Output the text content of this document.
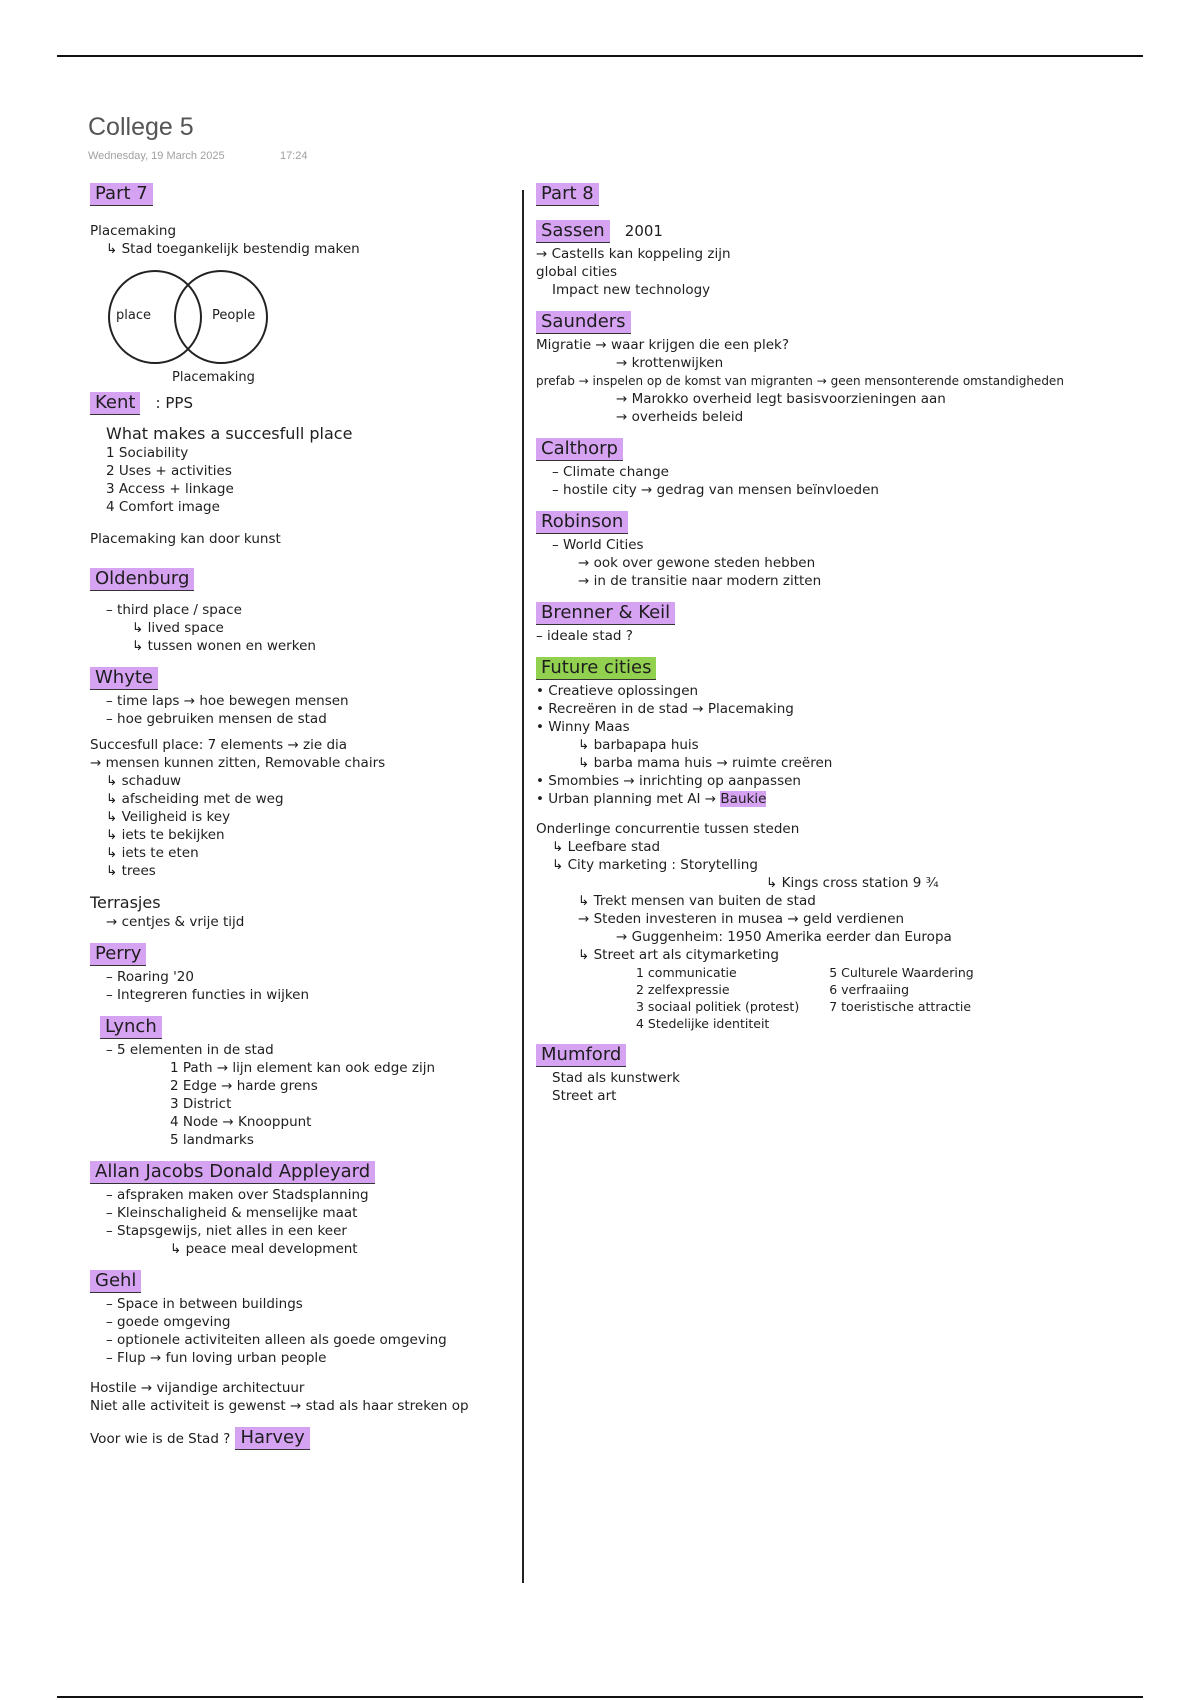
College 5
Wednesday, 19 March 2025	17:24
Part 7
Placemaking
↳ Stad toegankelijk bestendig maken
place	People
Placemaking
Kent : PPS
What makes a succesfull place
1 Sociability
2 Uses + activities
3 Access + linkage
4 Comfort image
Placemaking kan door kunst
Oldenburg
– third place / space
↳ lived space
↳ tussen wonen en werken
Whyte
– time laps → hoe bewegen mensen
– hoe gebruiken mensen de stad
Succesfull place: 7 elements → zie dia
→ mensen kunnen zitten, Removable chairs
↳ schaduw
↳ afscheiding met de weg
↳ Veiligheid is key
↳ iets te bekijken
↳ iets te eten
↳ trees
Terrasjes
→ centjes & vrije tijd
Perry
– Roaring '20
– Integreren functies in wijken
Lynch
– 5 elementen in de stad
1 Path → lijn element kan ook edge zijn
2 Edge → harde grens
3 District
4 Node → Knooppunt
5 landmarks
Allan Jacobs Donald Appleyard
– afspraken maken over Stadsplanning
– Kleinschaligheid & menselijke maat
– Stapsgewijs, niet alles in een keer
↳ peace meal development
Gehl
– Space in between buildings
– goede omgeving
– optionele activiteiten alleen als goede omgeving
– Flup → fun loving urban people
Hostile → vijandige architectuur
Niet alle activiteit is gewenst → stad als haar streken op
Voor wie is de Stad ? Harvey
Part 8
Sassen 2001
→ Castells kan koppeling zijn
global cities
Impact new technology
Saunders
Migratie → waar krijgen die een plek?
→ krottenwijken
prefab → inspelen op de komst van migranten → geen mensonterende omstandigheden
→ Marokko overheid legt basisvoorzieningen aan
→ overheids beleid
Calthorp
– Climate change
– hostile city → gedrag van mensen beïnvloeden
Robinson
– World Cities
→ ook over gewone steden hebben
→ in de transitie naar modern zitten
Brenner & Keil
– ideale stad ?
Future cities
• Creatieve oplossingen
• Recreëren in de stad → Placemaking
• Winny Maas
↳ barbapapa huis
↳ barba mama huis → ruimte creëren
• Smombies → inrichting op aanpassen
• Urban planning met AI → Baukie
Onderlinge concurrentie tussen steden
↳ Leefbare stad
↳ City marketing : Storytelling
↳ Kings cross station 9 ¾
↳ Trekt mensen van buiten de stad
→ Steden investeren in musea → geld verdienen
→ Guggenheim: 1950 Amerika eerder dan Europa
↳ Street art als citymarketing
1 communicatie
2 zelfexpressie
3 sociaal politiek (protest)
4 Stedelijke identiteit
5 Culturele Waardering
6 verfraaiing
7 toeristische attractie
Mumford
Stad als kunstwerk
Street art
